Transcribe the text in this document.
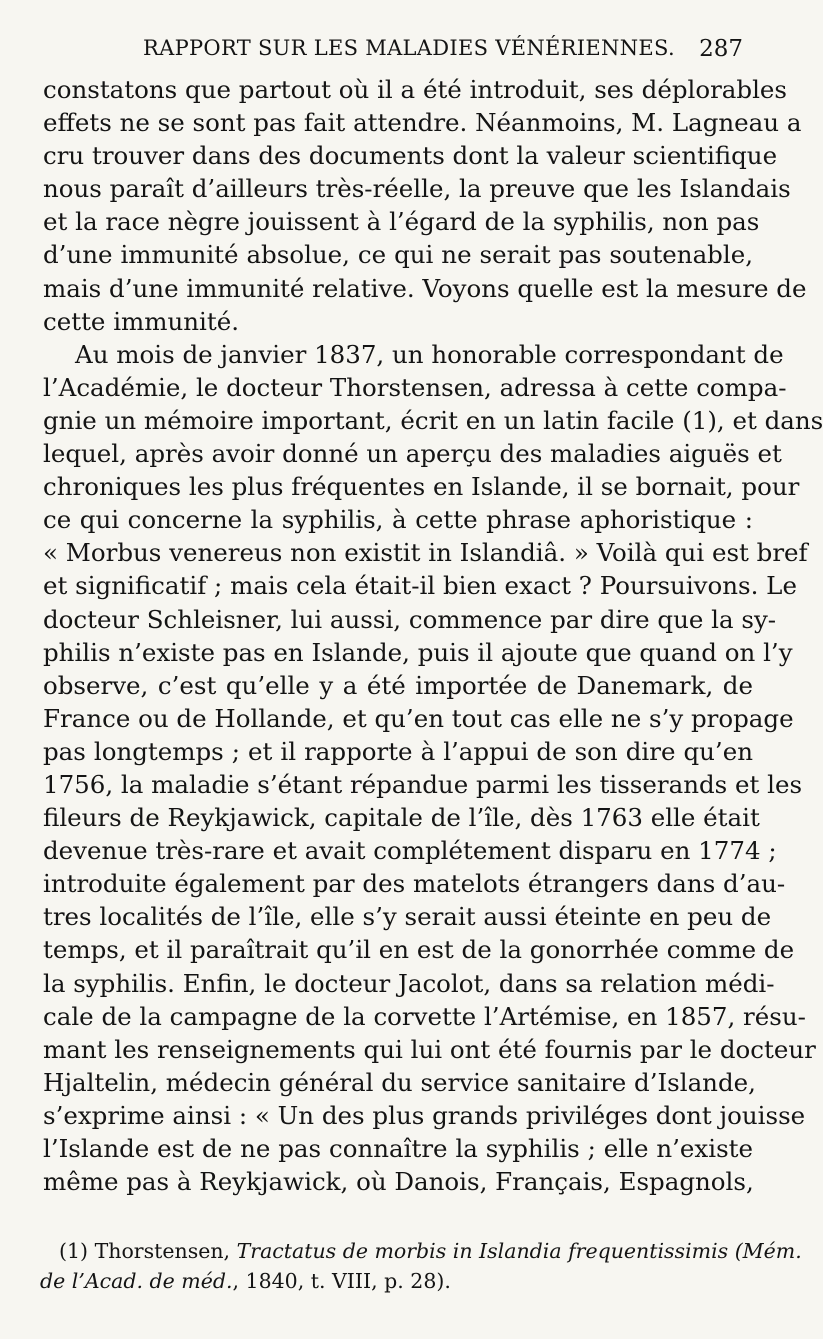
RAPPORT SUR LES MALADIES VÉNÉRIENNES. 287
constatons que partout où il a été introduit, ses déplorables
effets ne se sont pas fait attendre. Néanmoins, M. Lagneau a
cru trouver dans des documents dont la valeur scientifique
nous paraît d’ailleurs très-réelle, la preuve que les Islandais
et la race nègre jouissent à l’égard de la syphilis, non pas
d’une immunité absolue, ce qui ne serait pas soutenable,
mais d’une immunité relative. Voyons quelle est la mesure de
cette immunité.
Au mois de janvier 1837, un honorable correspondant de
l’Académie, le docteur Thorstensen, adressa à cette compa-
gnie un mémoire important, écrit en un latin facile (1), et dans
lequel, après avoir donné un aperçu des maladies aiguës et
chroniques les plus fréquentes en Islande, il se bornait, pour
ce qui concerne la syphilis, à cette phrase aphoristique :
« Morbus venereus non existit in Islandiâ. » Voilà qui est bref
et significatif ; mais cela était-il bien exact ? Poursuivons. Le
docteur Schleisner, lui aussi, commence par dire que la sy-
philis n’existe pas en Islande, puis il ajoute que quand on l’y
observe, c’est qu’elle y a été importée de Danemark, de
France ou de Hollande, et qu’en tout cas elle ne s’y propage
pas longtemps ; et il rapporte à l’appui de son dire qu’en
1756, la maladie s’étant répandue parmi les tisserands et les
fileurs de Reykjawick, capitale de l’île, dès 1763 elle était
devenue très-rare et avait complétement disparu en 1774 ;
introduite également par des matelots étrangers dans d’au-
tres localités de l’île, elle s’y serait aussi éteinte en peu de
temps, et il paraîtrait qu’il en est de la gonorrhée comme de
la syphilis. Enfin, le docteur Jacolot, dans sa relation médi-
cale de la campagne de la corvette l’Artémise, en 1857, résu-
mant les renseignements qui lui ont été fournis par le docteur
Hjaltelin, médecin général du service sanitaire d’Islande,
s’exprime ainsi : « Un des plus grands priviléges dont jouisse
l’Islande est de ne pas connaître la syphilis ; elle n’existe
même pas à Reykjawick, où Danois, Français, Espagnols,
(1) Thorstensen, Tractatus de morbis in Islandia frequentissimis (Mém.
de l’Acad. de méd., 1840, t. VIII, p. 28).
